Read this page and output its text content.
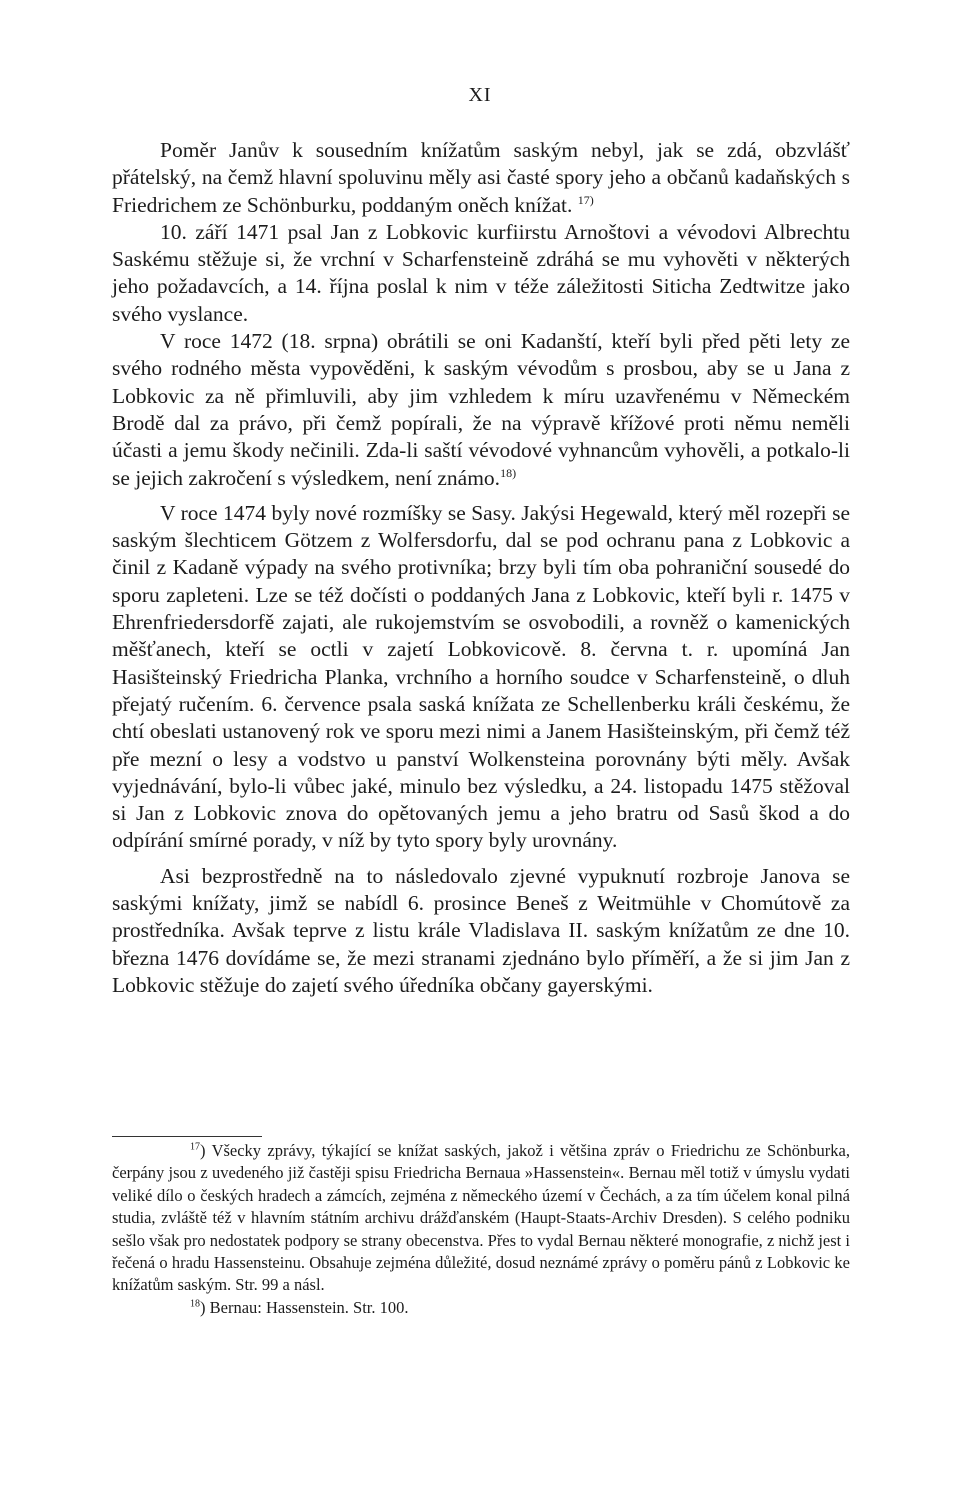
XI

Poměr Janův k sousedním knížatům saským nebyl, jak se zdá, obzvlášť přátelský, na čemž hlavní spoluvinu měly asi časté spory jeho a občanů kadaňských s Friedrichem ze Schönburku, poddaným oněch knížat. $^{17)}$

10. září 1471 psal Jan z Lobkovic kurfiirstu Arnoštovi a vévodovi Albrechtu Saskému stěžuje si, že vrchní v Scharfensteině zdráhá se mu vyhověti v některých jeho požadavcích, a 14. října poslal k nim v téže záležitosti Siticha Zedtwitze jako svého vyslance.

V roce 1472 (18. srpna) obrátili se oni Kadanští, kteří byli před pěti lety ze svého rodného města vypověděni, k saským vévodům s prosbou, aby se u Jana z Lobkovic za ně přimluvili, aby jim vzhledem k míru uzavřenému v Německém Brodě dal za právo, při čemž popírali, že na výpravě křížové proti němu neměli účasti a jemu škody nečinili. Zda-li saští vévodové vyhnancům vyhověli, a potkalo-li se jejich zakročení s výsledkem, není známo.$^{18)}$

V roce 1474 byly nové rozmíšky se Sasy. Jakýsi Hegewald, který měl rozepři se saským šlechticem Götzem z Wolfersdorfu, dal se pod ochranu pana z Lobkovic a činil z Kadaně výpady na svého protivníka; brzy byli tím oba pohraniční sousedé do sporu zapleteni. Lze se též dočísti o poddaných Jana z Lobkovic, kteří byli r. 1475 v Ehrenfriedersdorfě zajati, ale rukojemstvím se osvobodili, a rovněž o kamenických měšťanech, kteří se octli v zajetí Lobkovicově. 8. června t. r. upomíná Jan Hasišteinský Friedricha Planka, vrchního a horního soudce v Scharfensteině, o dluh přejatý ručením. 6. července psala saská knížata ze Schellenberku králi českému, že chtí obeslati ustanovený rok ve sporu mezi nimi a Janem Hasišteinským, při čemž též pře mezní o lesy a vodstvo u panství Wolkensteina porovnány býti měly. Avšak vyjednávání, bylo-li vůbec jaké, minulo bez výsledku, a 24. listopadu 1475 stěžoval si Jan z Lobkovic znova do opětovaných jemu a jeho bratru od Sasů škod a do odpírání smírné porady, v níž by tyto spory byly urovnány.

Asi bezprostředně na to následovalo zjevné vypuknutí rozbroje Janova se saskými knížaty, jimž se nabídl 6. prosince Beneš z Weitmühle v Chomútově za prostředníka. Avšak teprve z listu krále Vladislava II. saským knížatům ze dne 10. března 1476 dovídáme se, že mezi stranami zjednáno bylo příměří, a že si jim Jan z Lobkovic stěžuje do zajetí svého úředníka občany gayerskými.

$^{17}$) Všecky zprávy, týkající se knížat saských, jakož i většina zpráv o Friedrichu ze Schönburka, čerpány jsou z uvedeného již častěji spisu Friedricha Bernaua »Hassenstein«. Bernau měl totiž v úmyslu vydati veliké dílo o českých hradech a zámcích, zejména z německého území v Čechách, a za tím účelem konal pilná studia, zvláště též v hlavním státním archivu drážďanském (Haupt-Staats-Archiv Dresden). S celého podniku sešlo však pro nedostatek podpory se strany obecenstva. Přes to vydal Bernau některé monografie, z nichž jest i řečená o hradu Hassensteinu. Obsahuje zejména důležité, dosud neznámé zprávy o poměru pánů z Lobkovic ke knížatům saským. Str. 99 a násl.

$^{18}$) Bernau: Hassenstein. Str. 100.
